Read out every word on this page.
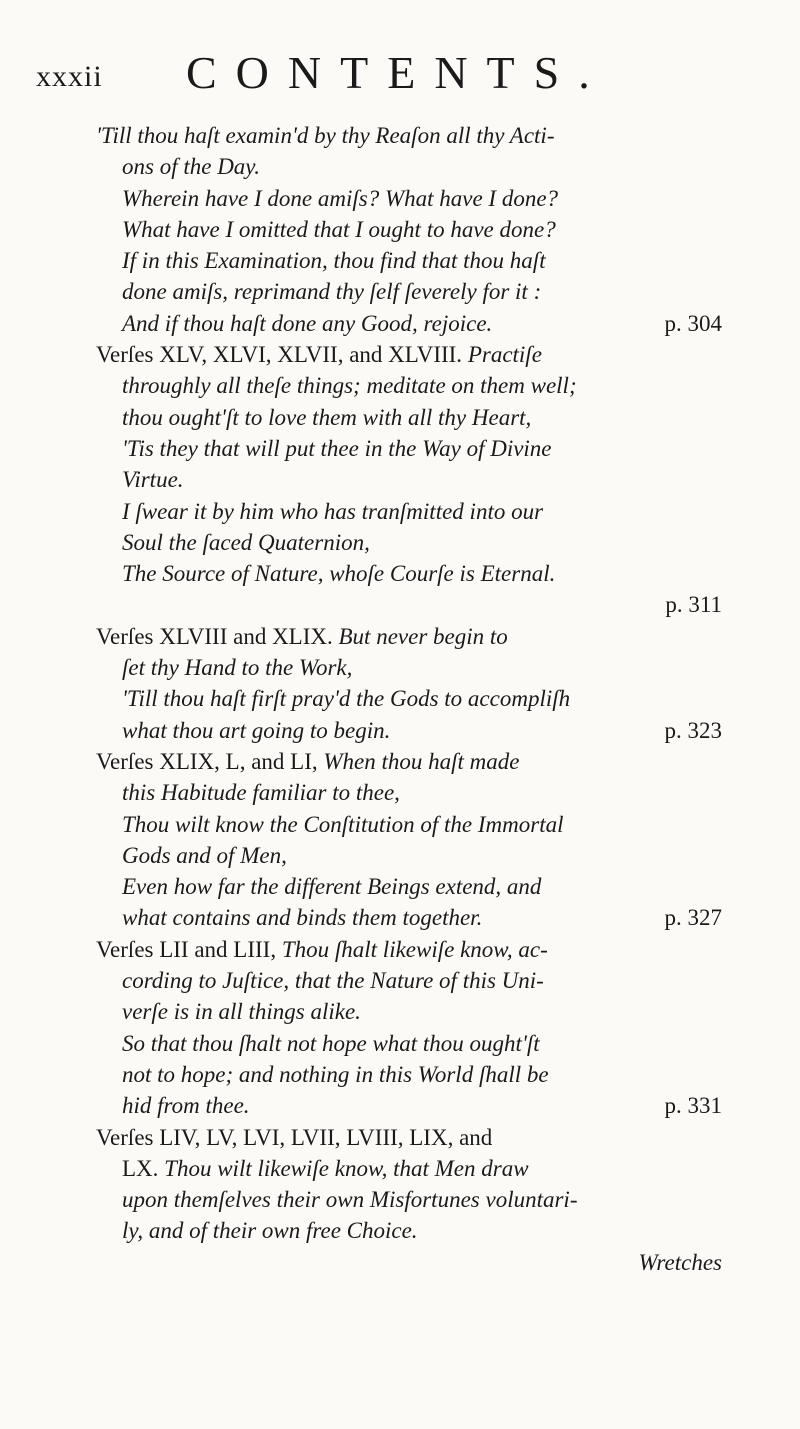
xxxii CONTENTS.
'Till thou haſt examin'd by thy Reaſon all thy Acti-
ons of the Day.
Wherein have I done amiſs? What have I done?
What have I omitted that I ought to have done?
If in this Examination, thou find that thou haſt
done amiſs, reprimand thy ſelf ſeverely for it :
And if thou haſt done any Good, rejoice.	p. 304
Verſes XLV, XLVI, XLVII, and XLVIII. Practiſe
throughly all theſe things; meditate on them well;
thou ought'ſt to love them with all thy Heart,
'Tis they that will put thee in the Way of Divine
Virtue.
I ſwear it by him who has tranſmitted into our
Soul the ſaced Quaternion,
The Source of Nature, whoſe Courſe is Eternal.
p. 311
Verſes XLVIII and XLIX. But never begin to
ſet thy Hand to the Work,
'Till thou haſt firſt pray'd the Gods to accompliſh
what thou art going to begin.	p. 323
Verſes XLIX, L, and LI, When thou haſt made
this Habitude familiar to thee,
Thou wilt know the Conſtitution of the Immortal
Gods and of Men,
Even how far the different Beings extend, and
what contains and binds them together.	p. 327
Verſes LII and LIII, Thou ſhalt likewiſe know, ac-
cording to Juſtice, that the Nature of this Uni-
verſe is in all things alike.
So that thou ſhalt not hope what thou ought'ſt
not to hope; and nothing in this World ſhall be
hid from thee.	p. 331
Verſes LIV, LV, LVI, LVII, LVIII, LIX, and
LX. Thou wilt likewiſe know, that Men draw
upon themſelves their own Misfortunes voluntari-
ly, and of their own free Choice.
Wretches
